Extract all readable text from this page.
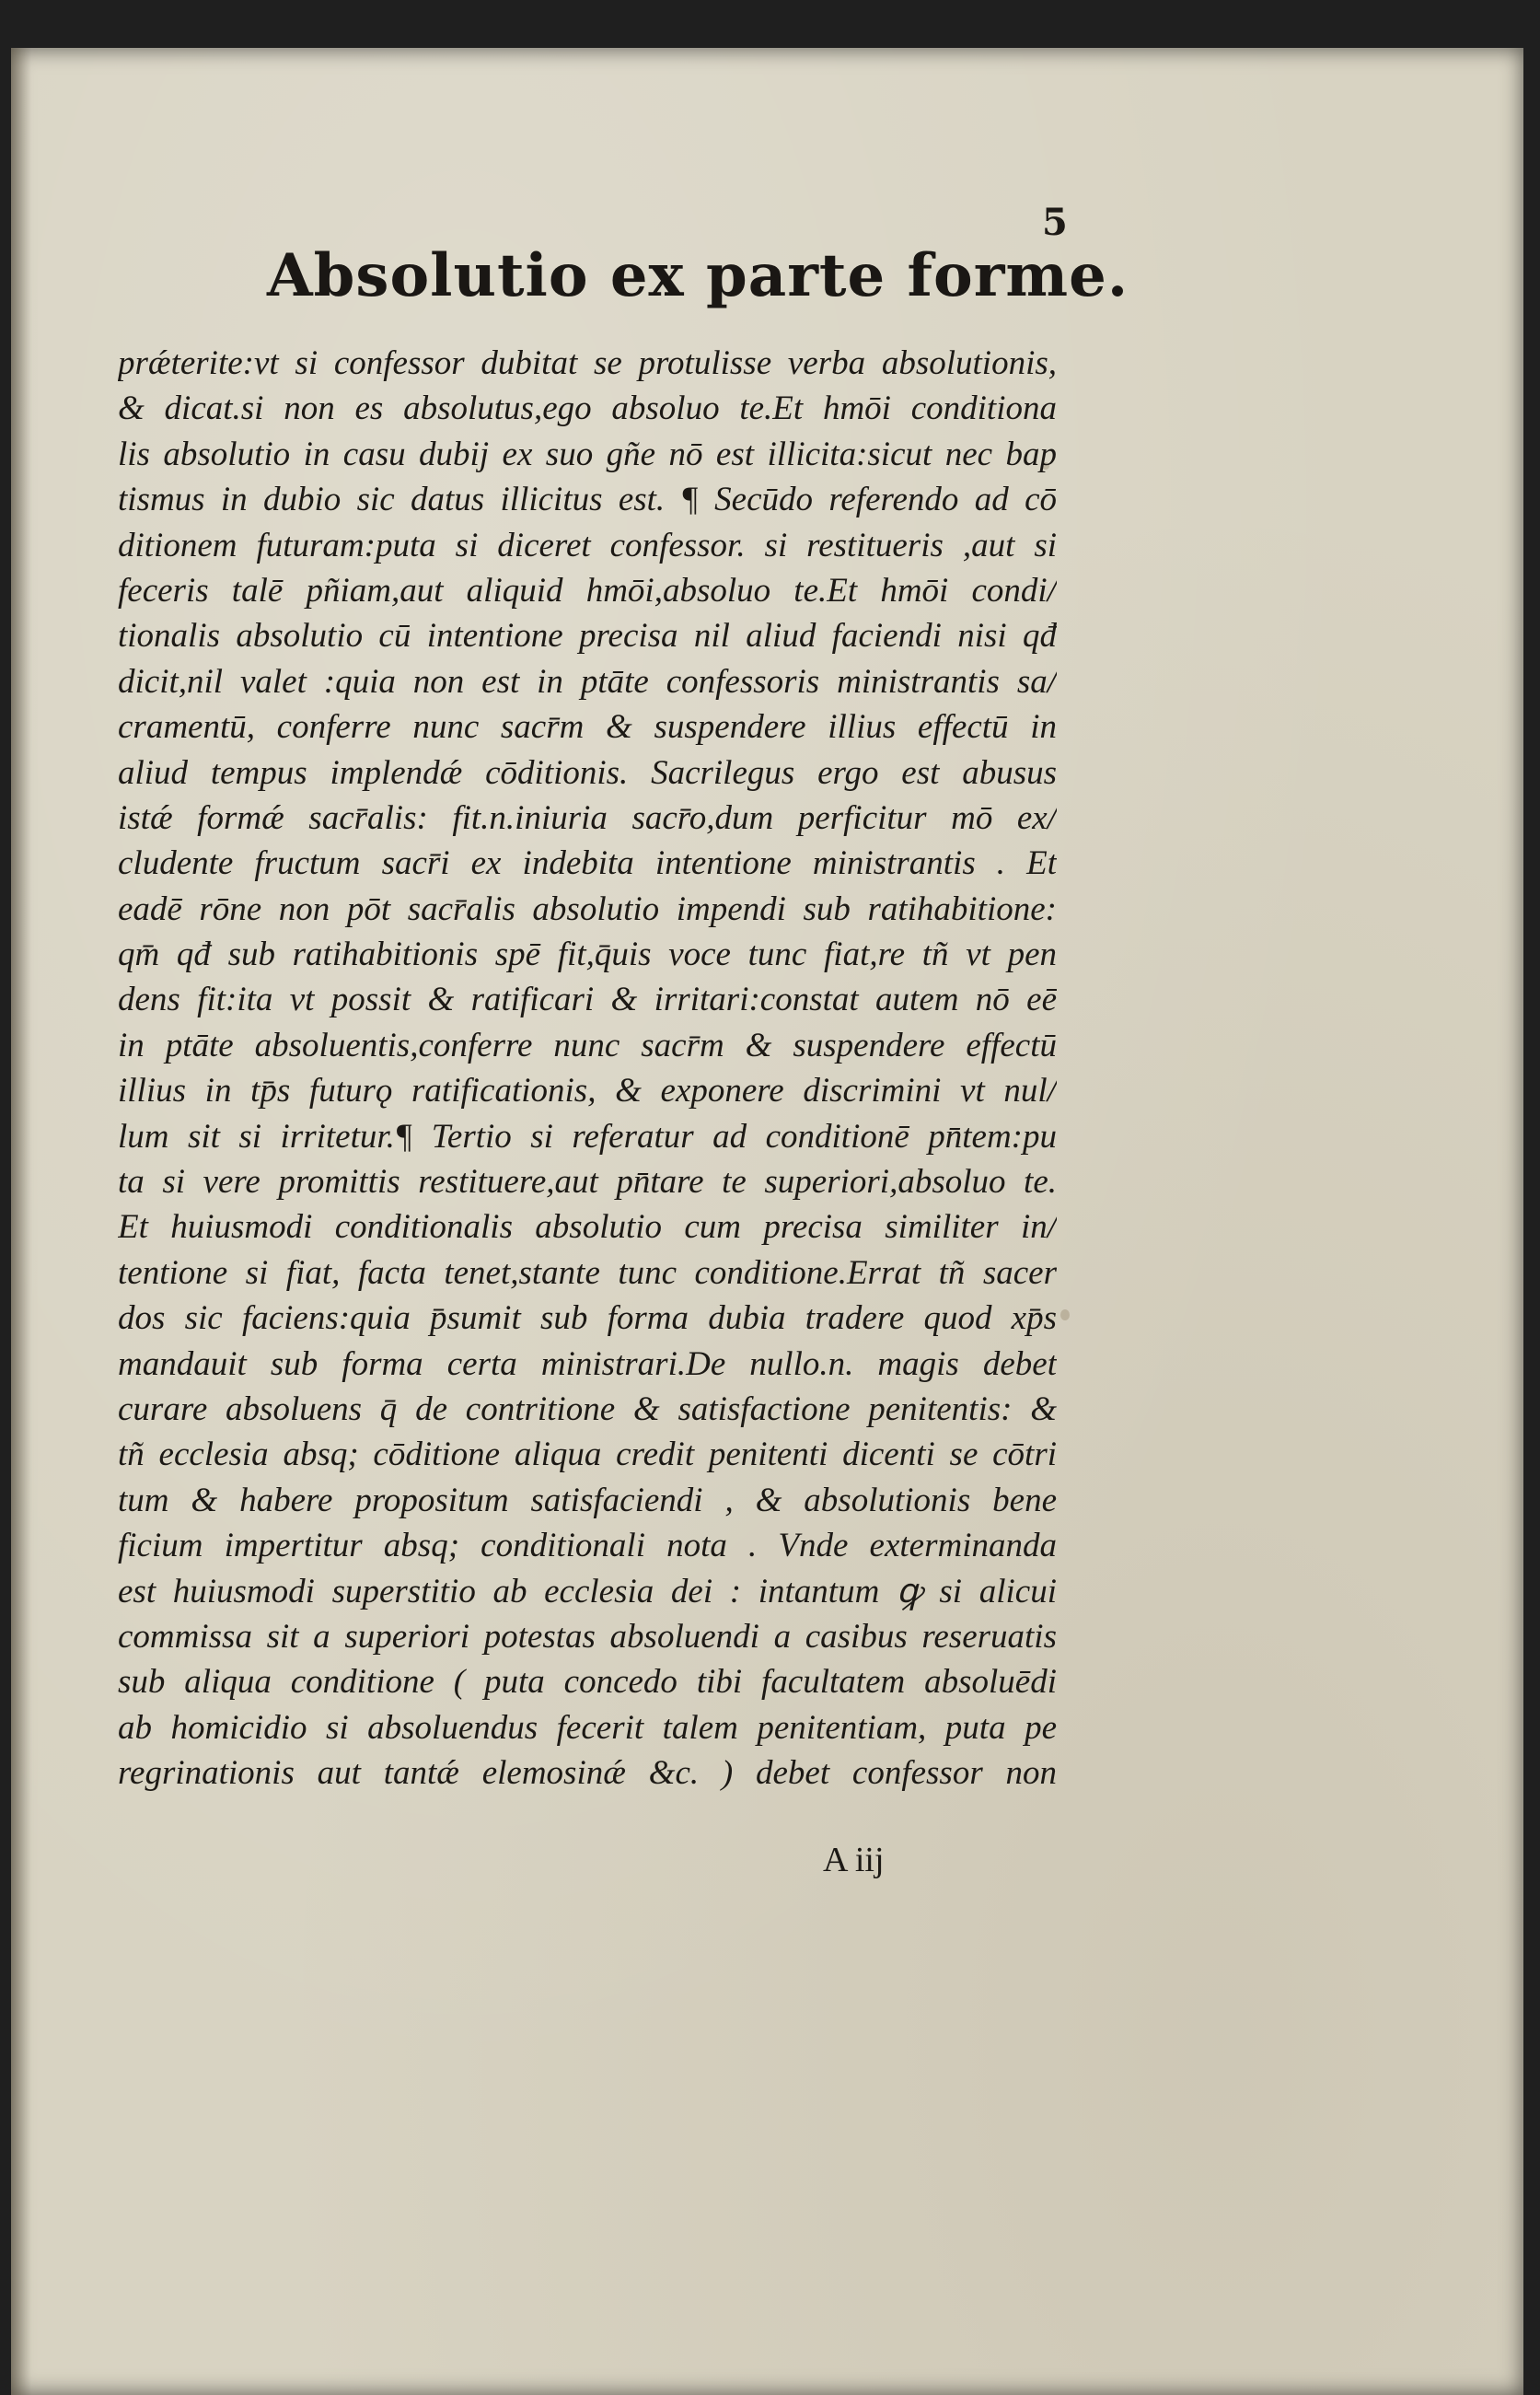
5
Absolutio ex parte forme.
prǽterite:vt si confessor dubitat se protulisse verba absolutionis,
& dicat.si non es absolutus,ego absoluo te.Et hmōi conditiona
lis absolutio in casu dubij ex suo gñe nō est illicita:sicut nec bap
tismus in dubio sic datus illicitus est. ¶ Secūdo referendo ad cō
ditionem futuram:puta si diceret confessor. si restitueris ,aut si
feceris talē pñiam,aut aliquid hmōi,absoluo te.Et hmōi condi/
tionalis absolutio cū intentione precisa nil aliud faciendi nisi qđ
dicit,nil valet :quia non est in ptāte confessoris ministrantis sa/
cramentū, conferre nunc sacr̄m & suspendere illius effectū in
aliud tempus implendǽ cōditionis. Sacrilegus ergo est abusus
istǽ formǽ sacr̄alis: fit.n.iniuria sacr̄o,dum perficitur mō ex/
cludente fructum sacr̄i ex indebita intentione ministrantis . Et
eadē rōne non pōt sacr̄alis absolutio impendi sub ratihabitione:
qm̄ qđ sub ratihabitionis spē fit,q̄uis voce tunc fiat,re tñ vt pen
dens fit:ita vt possit & ratificari & irritari:constat autem nō eē
in ptāte absoluentis,conferre nunc sacr̄m & suspendere effectū
illius in tp̄s futurǫ ratificationis, & exponere discrimini vt nul/
lum sit si irritetur.¶ Tertio si referatur ad conditionē pn̄tem:pu
ta si vere promittis restituere,aut pn̄tare te superiori,absoluo te.
Et huiusmodi conditionalis absolutio cum precisa similiter in/
tentione si fiat, facta tenet,stante tunc conditione.Errat tñ sacer
dos sic faciens:quia p̄sumit sub forma dubia tradere quod xp̄s
mandauit sub forma certa ministrari.De nullo.n. magis debet
curare absoluens q̄ de contritione & satisfactione penitentis: &
tñ ecclesia absq; cōditione aliqua credit penitenti dicenti se cōtri
tum & habere propositum satisfaciendi , & absolutionis bene
ficium impertitur absq; conditionali nota . Vnde exterminanda
est huiusmodi superstitio ab ecclesia dei : intantum ꝙ si alicui
commissa sit a superiori potestas absoluendi a casibus reseruatis
sub aliqua conditione ( puta concedo tibi facultatem absoluēdi
ab homicidio si absoluendus fecerit talem penitentiam, puta pe
regrinationis aut tantǽ elemosinǽ &c. ) debet confessor non
A iij
